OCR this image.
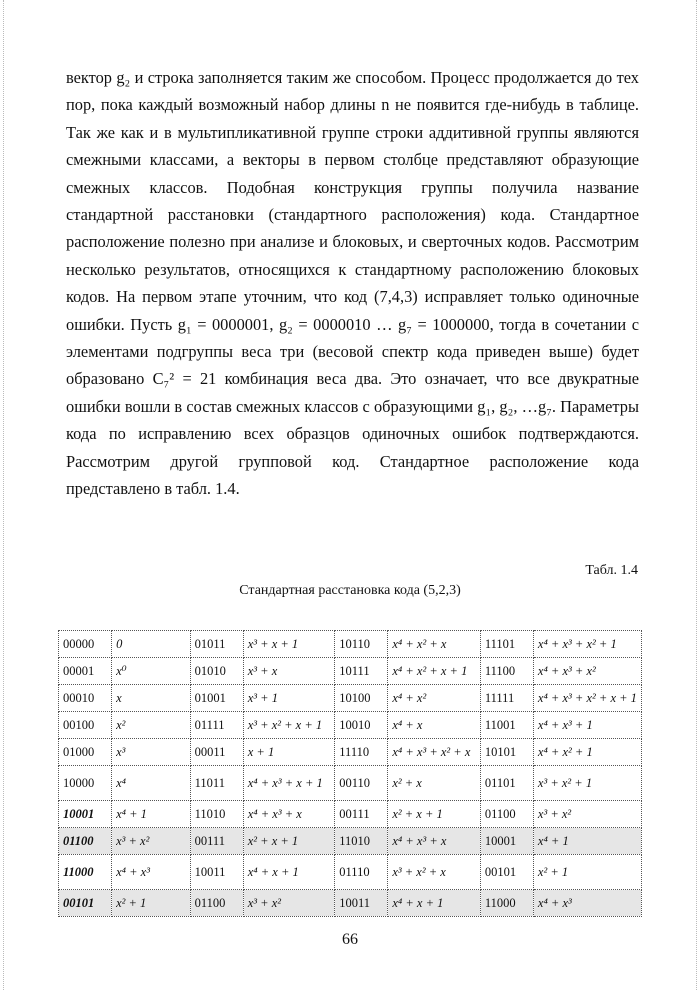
вектор g₂ и строка заполняется таким же способом. Процесс продолжается до тех пор, пока каждый возможный набор длины n не появится где-нибудь в таблице. Так же как и в мультипликативной группе строки аддитивной группы являются смежными классами, а векторы в первом столбце представляют образующие смежных классов. Подобная конструкция группы получила название стандартной расстановки (стандартного расположения) кода. Стандартное расположение полезно при анализе и блоковых, и сверточных кодов. Рассмотрим несколько результатов, относящихся к стандартному расположению блоковых кодов. На первом этапе уточним, что код (7,4,3) исправляет только одиночные ошибки. Пусть g₁ = 0000001, g₂ = 0000010 … g₇ = 1000000, тогда в сочетании с элементами подгруппы веса три (весовой спектр кода приведен выше) будет образовано C₇² = 21 комбинация веса два. Это означает, что все двукратные ошибки вошли в состав смежных классов с образующими g₁, g₂, …g₇. Параметры кода по исправлению всех образцов одиночных ошибок подтверждаются. Рассмотрим другой групповой код. Стандартное расположение кода представлено в табл. 1.4.

Табл. 1.4
Стандартная расстановка кода (5,2,3)
00000	0	01011	x³ + x + 1	10110	x⁴ + x² + x	11101	x⁴ + x³ + x² + 1
00001	x⁰	01010	x³ + x	10111	x⁴ + x² + x + 1	11100	x⁴ + x³ + x²
00010	x	01001	x³ + 1	10100	x⁴ + x²	11111	x⁴ + x³ + x² + x + 1
00100	x²	01111	x³ + x² + x + 1	10010	x⁴ + x	11001	x⁴ + x³ + 1
01000	x³	00011	x + 1	11110	x⁴ + x³ + x² + x	10101	x⁴ + x² + 1
10000	x⁴	11011	x⁴ + x³ + x + 1	00110	x² + x	01101	x³ + x² + 1
10001	x⁴ + 1	11010	x⁴ + x³ + x	00111	x² + x + 1	01100	x³ + x²
01100	x³ + x²	00111	x² + x + 1	11010	x⁴ + x³ + x	10001	x⁴ + 1
11000	x⁴ + x³	10011	x⁴ + x + 1	01110	x³ + x² + x	00101	x² + 1
00101	x² + 1	01100	x³ + x²	10011	x⁴ + x + 1	11000	x⁴ + x³
66
